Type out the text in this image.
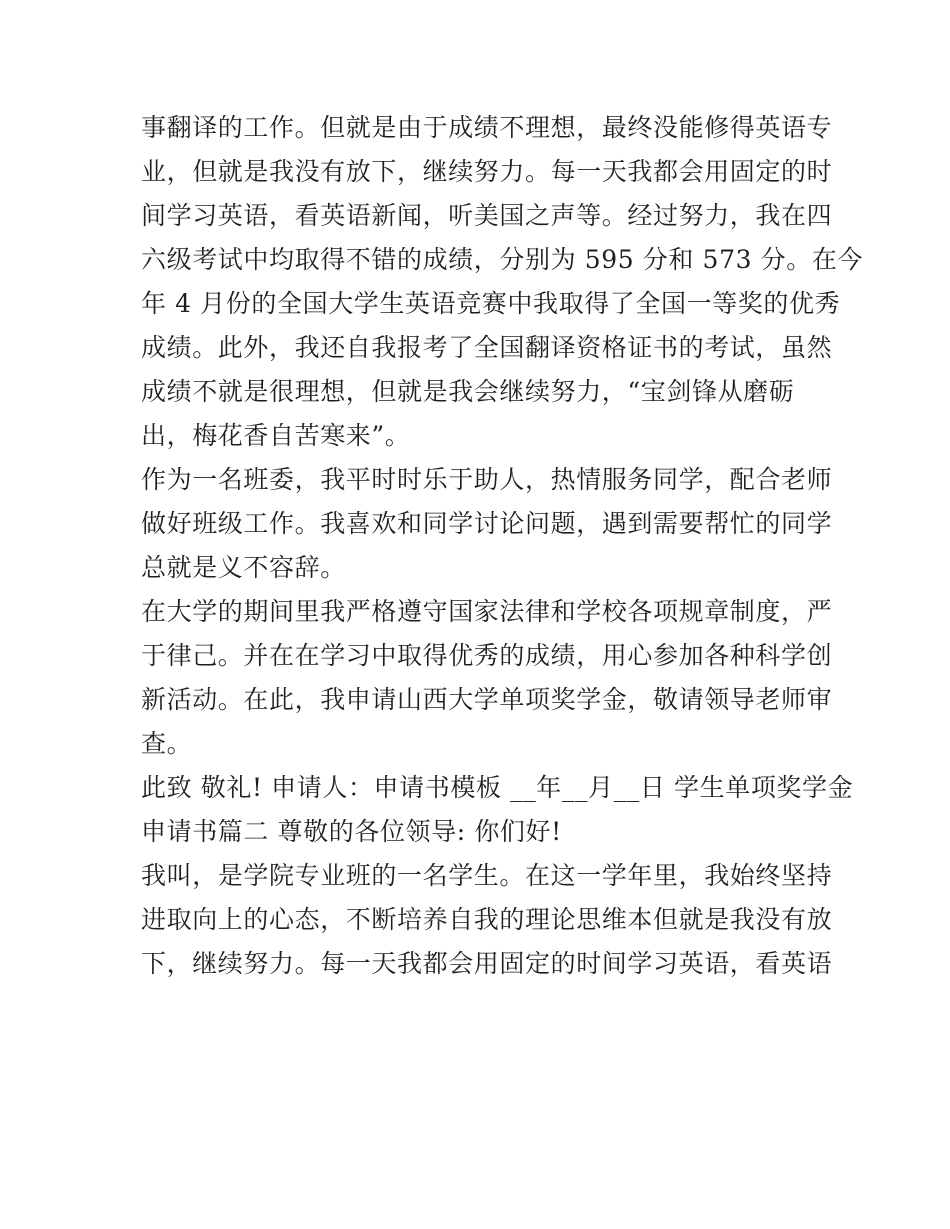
事翻译的工作。但就是由于成绩不理想，最终没能修得英语专
业，但就是我没有放下，继续努力。每一天我都会用固定的时
间学习英语，看英语新闻，听美国之声等。经过努力，我在四
六级考试中均取得不错的成绩，分别为 595 分和 573 分。在今
年 4 月份的全国大学生英语竞赛中我取得了全国一等奖的优秀
成绩。此外，我还自我报考了全国翻译资格证书的考试，虽然
成绩不就是很理想，但就是我会继续努力，“宝剑锋从磨砺
出，梅花香自苦寒来”。
作为一名班委，我平时时乐于助人，热情服务同学，配合老师
做好班级工作。我喜欢和同学讨论问题，遇到需要帮忙的同学
总就是义不容辞。
在大学的期间里我严格遵守国家法律和学校各项规章制度，严
于律己。并在在学习中取得优秀的成绩，用心参加各种科学创
新活动。在此，我申请山西大学单项奖学金，敬请领导老师审
查。
此致 敬礼! 申请人：申请书模板 __年__月__日 学生单项奖学金
申请书篇二 尊敬的各位领导: 你们好!
我叫，是学院专业班的一名学生。在这一学年里，我始终坚持
进取向上的心态，不断培养自我的理论思维本但就是我没有放
下，继续努力。每一天我都会用固定的时间学习英语，看英语
